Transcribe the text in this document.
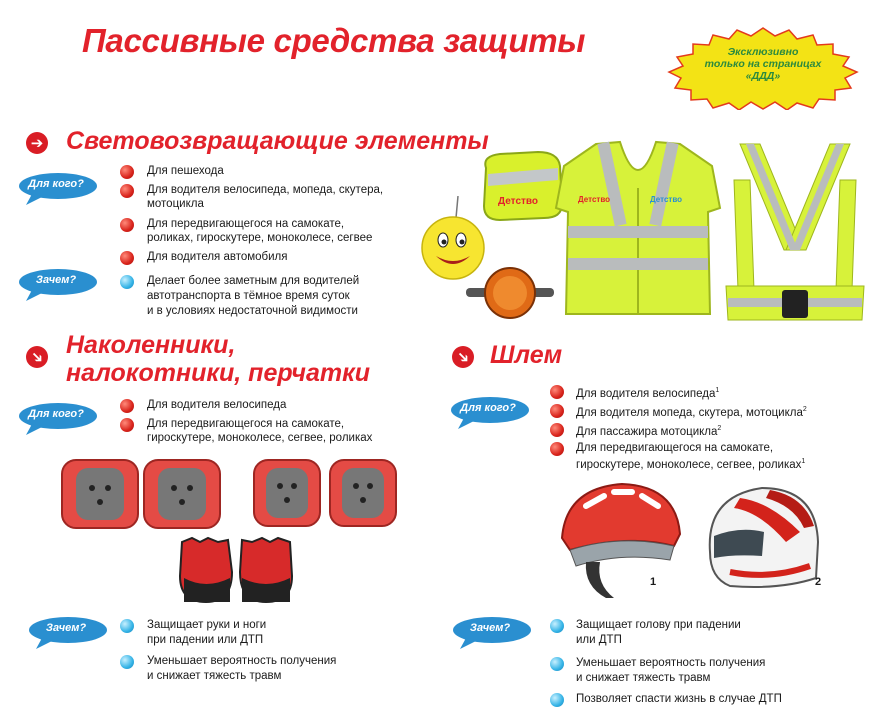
Пассивные средства защиты	Эксклюзивно
только на страницах
«ДДД»
➔ Световозвращающие элементы
Для кого?
Для пешехода
Для водителя велосипеда, мопеда, скутера,
мотоцикла
Для передвигающегося на самокате,
роликах, гироскутере, моноколесе, сегвее
Для водителя автомобиля
Зачем?	Делает более заметным для водителей
автотранспорта в тёмное время суток
и в условиях недостаточной видимости
Детство	Детство	Детство
➔ Наколенники,
налокотники, перчатки
Для кого?
Для водителя велосипеда
Для передвигающегося на самокате,
гироскутере, моноколесе, сегвее, роликах
Зачем?	Защищает руки и ноги
при падении или ДТП
Уменьшает вероятность получения
и снижает тяжесть травм
➔ Шлем
Для кого?
Для водителя велосипеда$^1$
Для водителя мопеда, скутера, мотоцикла$^2$
Для пассажира мотоцикла$^2$
Для передвигающегося на самокате,
гироскутере, моноколесе, сегвее, роликах$^1$
1	2
Зачем?	Защищает голову при падении
или ДТП
Уменьшает вероятность получения
и снижает тяжесть травм
Позволяет спасти жизнь в случае ДТП
